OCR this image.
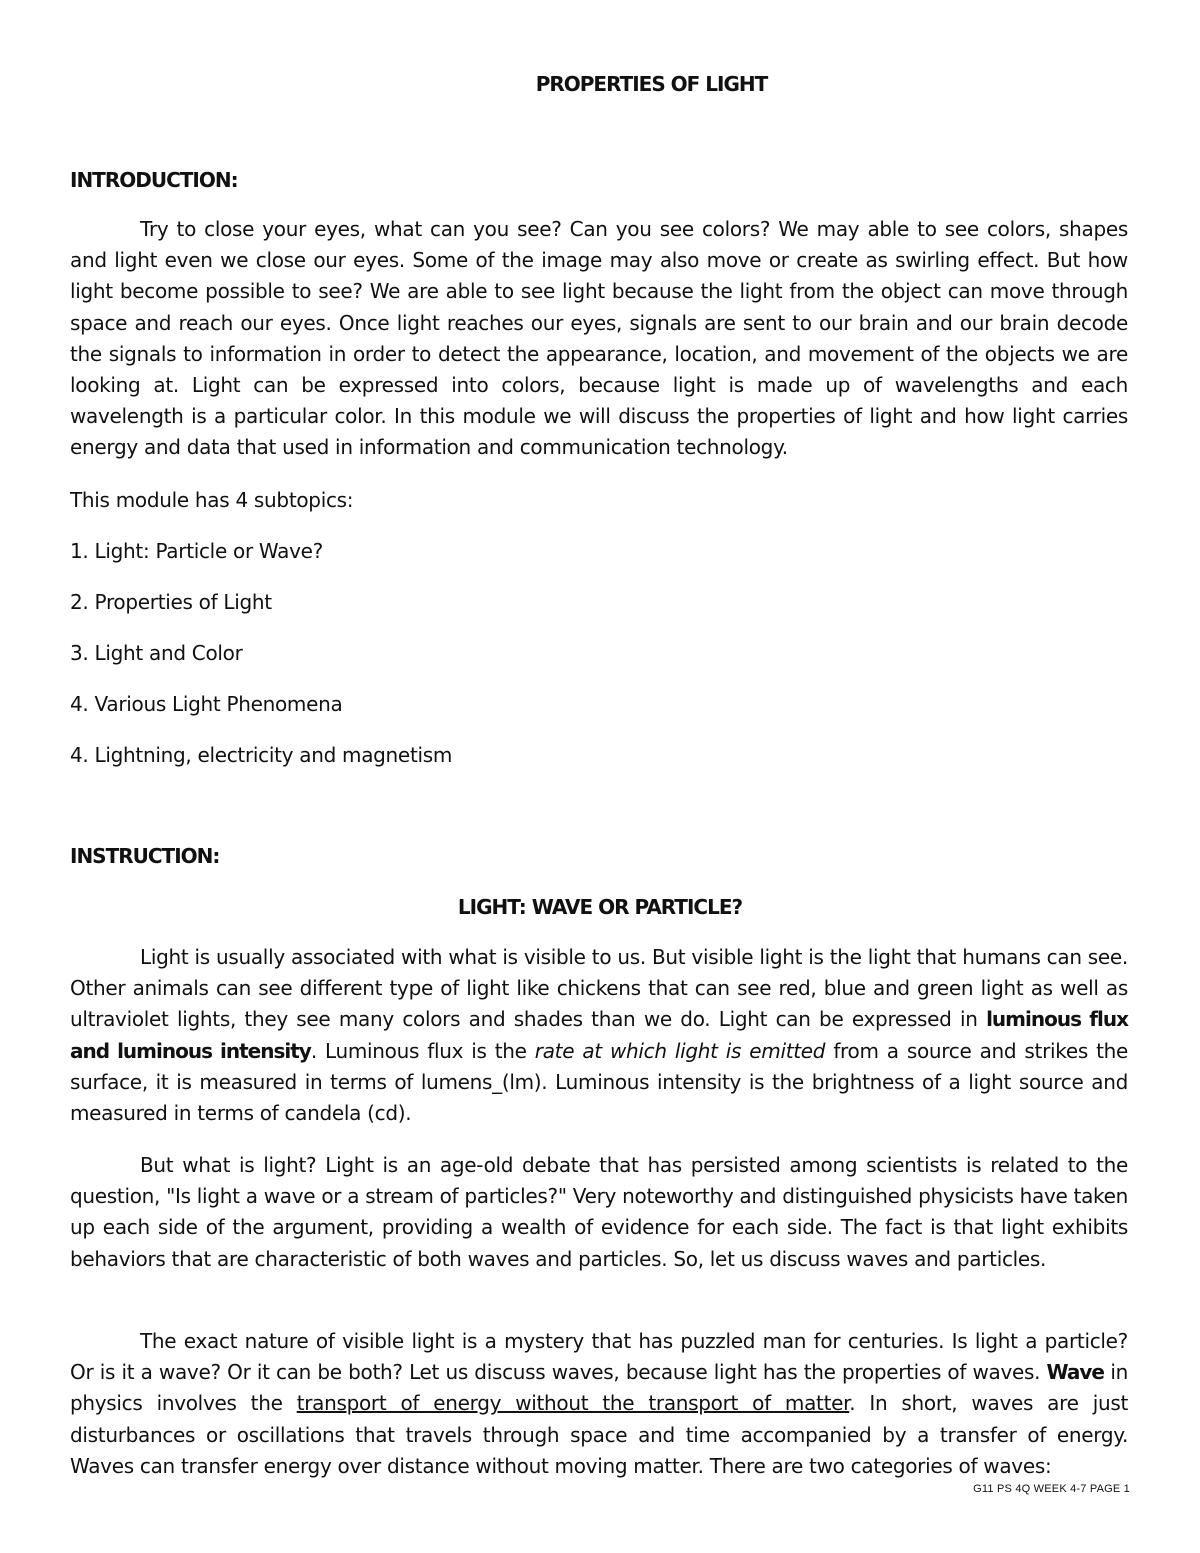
PROPERTIES OF LIGHT
INTRODUCTION:

Try to close your eyes, what can you see? Can you see colors? We may able to see colors, shapes and light even we close our eyes. Some of the image may also move or create as swirling effect. But how light become possible to see? We are able to see light because the light from the object can move through space and reach our eyes. Once light reaches our eyes, signals are sent to our brain and our brain decode the signals to information in order to detect the appearance, location, and movement of the objects we are looking at. Light can be expressed into colors, because light is made up of wavelengths and each wavelength is a particular color. In this module we will discuss the properties of light and how light carries energy and data that used in information and communication technology.

This module has 4 subtopics:
1. Light: Particle or Wave?
2. Properties of Light
3. Light and Color
4. Various Light Phenomena
4. Lightning, electricity and magnetism
INSTRUCTION:
LIGHT: WAVE OR PARTICLE?

Light is usually associated with what is visible to us. But visible light is the light that humans can see. Other animals can see different type of light like chickens that can see red, blue and green light as well as ultraviolet lights, they see many colors and shades than we do. Light can be expressed in luminous flux and luminous intensity. Luminous flux is the rate at which light is emitted from a source and strikes the surface, it is measured in terms of lumens_(lm). Luminous intensity is the brightness of a light source and measured in terms of candela (cd).

But what is light? Light is an age-old debate that has persisted among scientists is related to the question, "Is light a wave or a stream of particles?" Very noteworthy and distinguished physicists have taken up each side of the argument, providing a wealth of evidence for each side. The fact is that light exhibits behaviors that are characteristic of both waves and particles. So, let us discuss waves and particles.

The exact nature of visible light is a mystery that has puzzled man for centuries. Is light a particle? Or is it a wave? Or it can be both? Let us discuss waves, because light has the properties of waves. Wave in physics involves the transport of energy without the transport of matter. In short, waves are just disturbances or oscillations that travels through space and time accompanied by a transfer of energy. Waves can transfer energy over distance without moving matter. There are two categories of waves:

G11 PS 4Q WEEK 4-7 PAGE 1
